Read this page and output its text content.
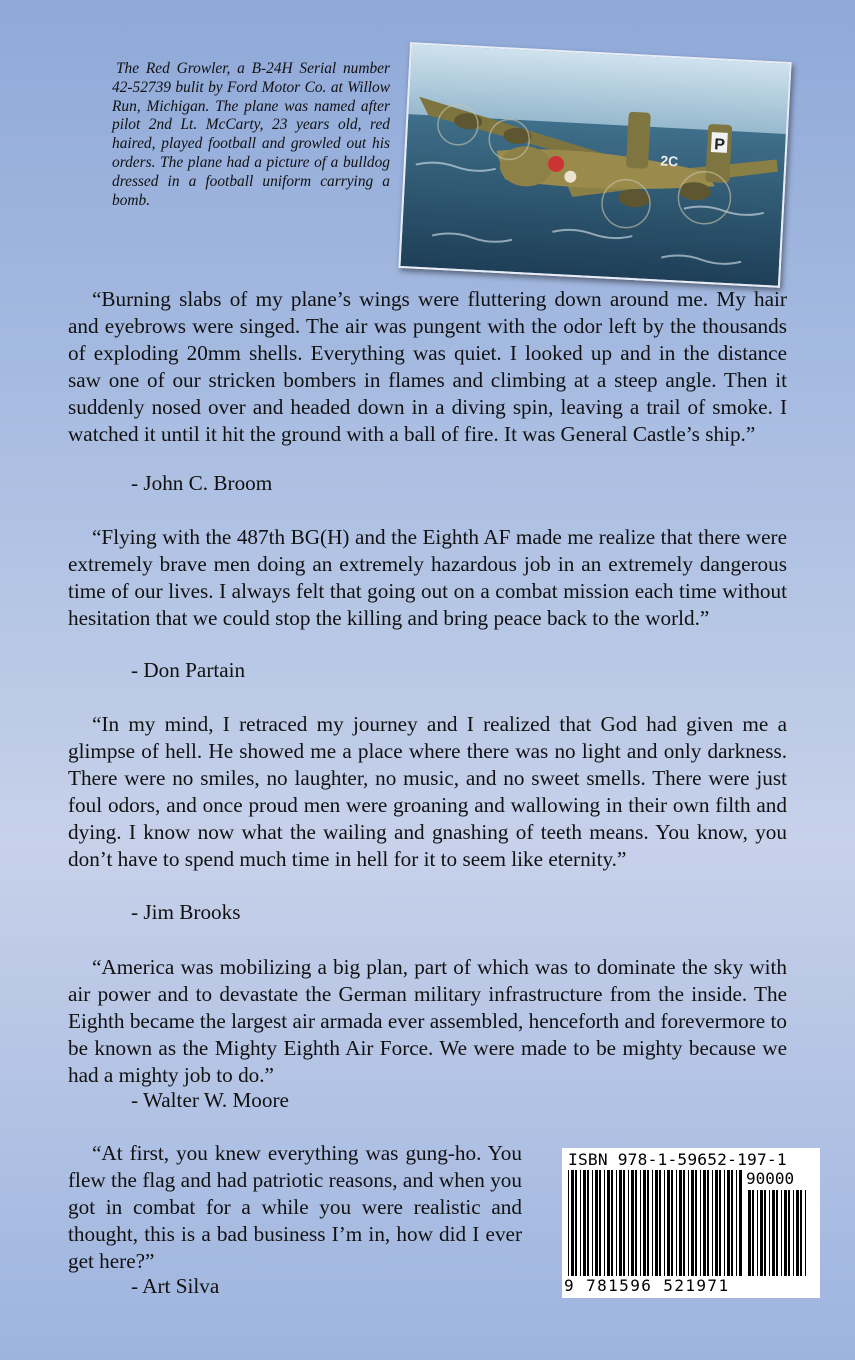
The Red Growler, a B-24H Serial number 42-52739 bulit by Ford Motor Co. at Willow Run, Michigan. The plane was named after pilot 2nd Lt. McCarty, 23 years old, red haired, played football and growled out his orders. The plane had a picture of a bulldog dressed in a football uniform carrying a bomb.

P
2C

“Burning slabs of my plane’s wings were fluttering down around me. My hair and eyebrows were singed. The air was pungent with the odor left by the thousands of exploding 20mm shells. Everything was quiet. I looked up and in the distance saw one of our stricken bombers in flames and climbing at a steep angle. Then it suddenly nosed over and headed down in a diving spin, leaving a trail of smoke. I watched it until it hit the ground with a ball of fire. It was General Castle’s ship.”

- John C. Broom

“Flying with the 487th BG(H) and the Eighth AF made me realize that there were extremely brave men doing an extremely hazardous job in an extremely dangerous time of our lives. I always felt that going out on a combat mission each time without hesitation that we could stop the killing and bring peace back to the world.”

- Don Partain

“In my mind, I retraced my journey and I realized that God had given me a glimpse of hell. He showed me a place where there was no light and only darkness. There were no smiles, no laughter, no music, and no sweet smells. There were just foul odors, and once proud men were groaning and wallowing in their own filth and dying. I know now what the wailing and gnashing of teeth means. You know, you don’t have to spend much time in hell for it to seem like eternity.”

- Jim Brooks

“America was mobilizing a big plan, part of which was to dominate the sky with air power and to devastate the German military infrastructure from the inside. The Eighth became the largest air armada ever assembled, henceforth and forevermore to be known as the Mighty Eighth Air Force. We were made to be mighty because we had a mighty job to do.”

- Walter W. Moore

“At first, you knew everything was gung-ho. You flew the flag and had patriotic reasons, and when you got in combat for a while you were realistic and thought, this is a bad business I’m in, how did I ever get here?”

- Art Silva
ISBN 978-1-59652-197-1
90000
9 781596 521971
